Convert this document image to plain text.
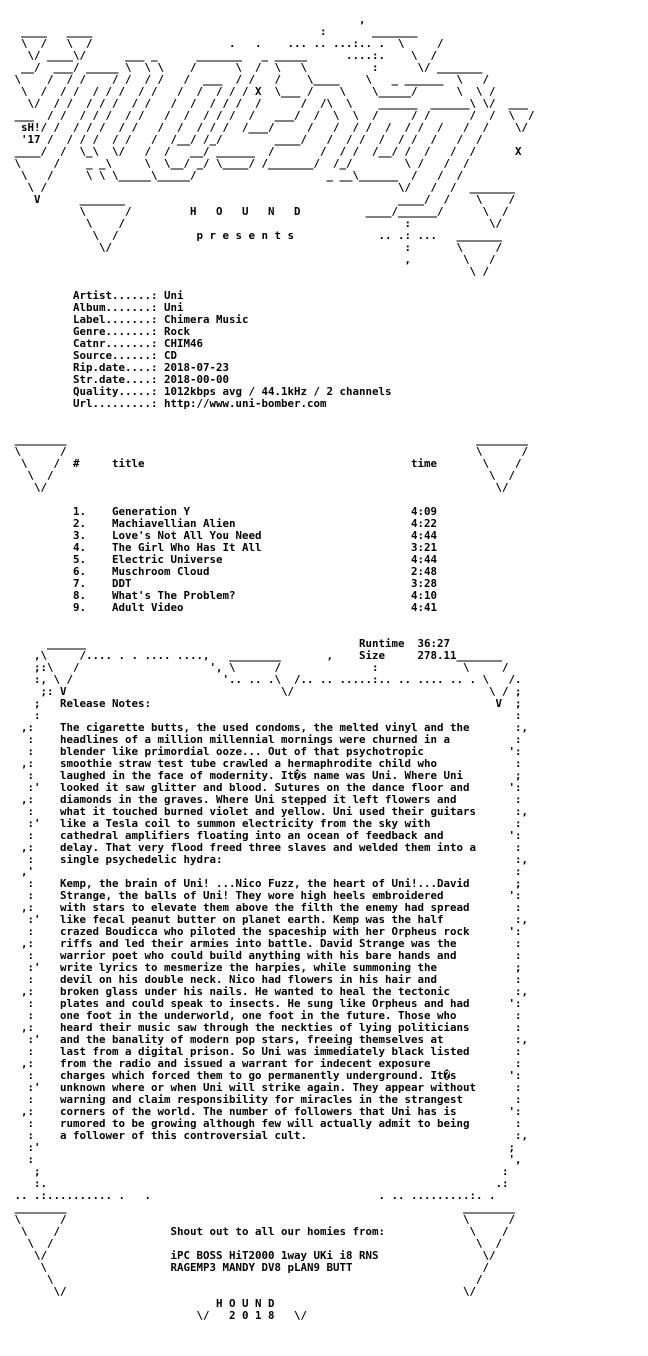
,
____   ____                                   :       _______
\  /   \  /                     .   .    ... .. ...:.. .  \     /
\/ ____\/      ___ _      _______   _ _____      ....:.    \  /
__/  ___/ _____ \  \ \    /      \  /  \   \          :      \/ _______
\    /  / /    / /  / /   /  ___  / /   /    \____    \   _ ______  \   /
\  /  / /  / / /  / /   /  /  / / / X  \___ /    \    \_____/      \  \ /
\/  / /  / / /  / /   /  /  / / /  /      /  /\  \    ______  ______\ \/  ___
___  / /  / / /  / /   /  /  / / /  /   ___/  /  \  \  /     / /      /  /  \  /
sH!/ /  / / /  / /   /  /  / / /  /___/     /   /  / /  /  / /  /   /  /    \/
'17 /  / / /  / /   /  /__/ /_/        ____/   /  / /  /  / /  /   /  /
____/  /  \_\  \/   /  /   __/ ______  /       /  / /  /__/ /  /   /  /      X
\     /    _ _\     \  \__/ _/ \____/ /_______/  /_/        \ /   /  /
\   /     \ \ \_____\_____/                    _ __\______  /   /  /
\ /                                                      \/   /  /  _______
V      _______                                          ____/  /    \    /
\      /         H   O   U   N   D          ____/______/      \  /
\    /                                           :            \/
\  /            p r e s e n t s             .. .: ...   _______
\/                                             :       \     /
,        \   /
\ /

Artist......: Uni
Album.......: Uni
Label.......: Chimera Music
Genre.......: Rock
Catnr.......: CHIM46
Source......: CD
Rip.date....: 2018-07-23
Str.date....: 2018-00-00
Quality.....: 1012kbps avg / 44.1kHz / 2 channels
Url.........: http://www.uni-bomber.com

________                                                               ________
\      /                                                               \      /
\    /  #     title                                         time       \    /
\  /                                                                   \  /
\/                                                                     \/

1.    Generation Y                                  4:09
2.    Machiavellian Alien                           4:22
3.    Love's Not All You Need                       4:44
4.    The Girl Who Has It All                       3:21
5.    Electric Universe                             4:44
6.    Muschroom Cloud                               2:48
7.    DDT                                           3:28
8.    What's The Problem?                           4:10
9.    Adult Video                                   4:41

______                                          Runtime  36:27
,\     /.... . . .... ....,   ________       ,    Size     278.11_______
;:\   /                    ', \      /              :             \     /
:, \ /                       '.. .. .\  /.. .. .....:.. .. .... .. . \   /.
;: V                                 \/                              \ / ;
;   Release Notes:                                                     V  ;
:                                                                         :
,:    The cigarette butts, the used condoms, the melted vinyl and the       :,
:    headlines of a million millennial mornings were churned in a          :
:    blender like primordial ooze... Out of that psychotropic             ':
,:    smoothie straw test tube crawled a hermaphrodite child who            :
:    laughed in the face of modernity. It�s name was Uni. Where Uni        ;
:'   looked it saw glitter and blood. Sutures on the dance floor and      ':
,:    diamonds in the graves. Where Uni stepped it left flowers and         :
:    what it touched burned violet and yellow. Uni used their guitars      :,
:'   like a Tesla coil to summon electricity from the sky with             :
:    cathedral amplifiers floating into an ocean of feedback and          ':
,:    delay. That very flood freed three slaves and welded them into a      :
:    single psychedelic hydra:                                             :,
,'                                                                          :
:    Kemp, the brain of Uni! ...Nico Fuzz, the heart of Uni!...David       ;
:    Strange, the balls of Uni! They wore high heels embroidered          ':
,:    with stars to elevate them above the filth the enemy had spread       :
:'   like fecal peanut butter on planet earth. Kemp was the half           :,
:    crazed Boudicca who piloted the spaceship with her Orpheus rock      ':
,:    riffs and led their armies into battle. David Strange was the         :
:    warrior poet who could build anything with his bare hands and         :
:'   write lyrics to mesmerize the harpies, while summoning the            ;
:    devil on his double neck. Nico had flowers in his hair and            :
,:    broken glass under his nails. He wanted to heal the tectonic          :,
:    plates and could speak to insects. He sung like Orpheus and had      ':
:    one foot in the underworld, one foot in the future. Those who         :
,:    heard their music saw through the neckties of lying politicians       :
:'   and the banality of modern pop stars, freeing themselves at           :,
:    last from a digital prison. So Uni was immediately black listed       :
,:    from the radio and issued a warrant for indecent exposure             :
:    charges which forced them to go permanently underground. It�s        ':
:'   unknown where or when Uni will strike again. They appear without      :
:    warning and claim responsibility for miracles in the strangest        :
,:    corners of the world. The number of followers that Uni has is        ':
:    rumored to be growing although few will actually admit to being       :
:    a follower of this controversial cult.                                :,
:'                                                                        ;
:                                                                         ',
;                                                                       :
:.                                                                     .:
.. .:.......... .   .                                   . .. .........:. .
________                                                             ________
\      /                                                             \      /
\    /                 Shout out to all our homies from:             \    /
\  /                                                                 \  /
\/                   iPC BOSS HiT2000 1way UKi i8 RNS                \/
\                   RAGEMP3 MANDY DV8 pLAN9 BUTT                    /
\                                                                 /
\/                                                             \/
H O U N D
\/   2 0 1 8   \/
